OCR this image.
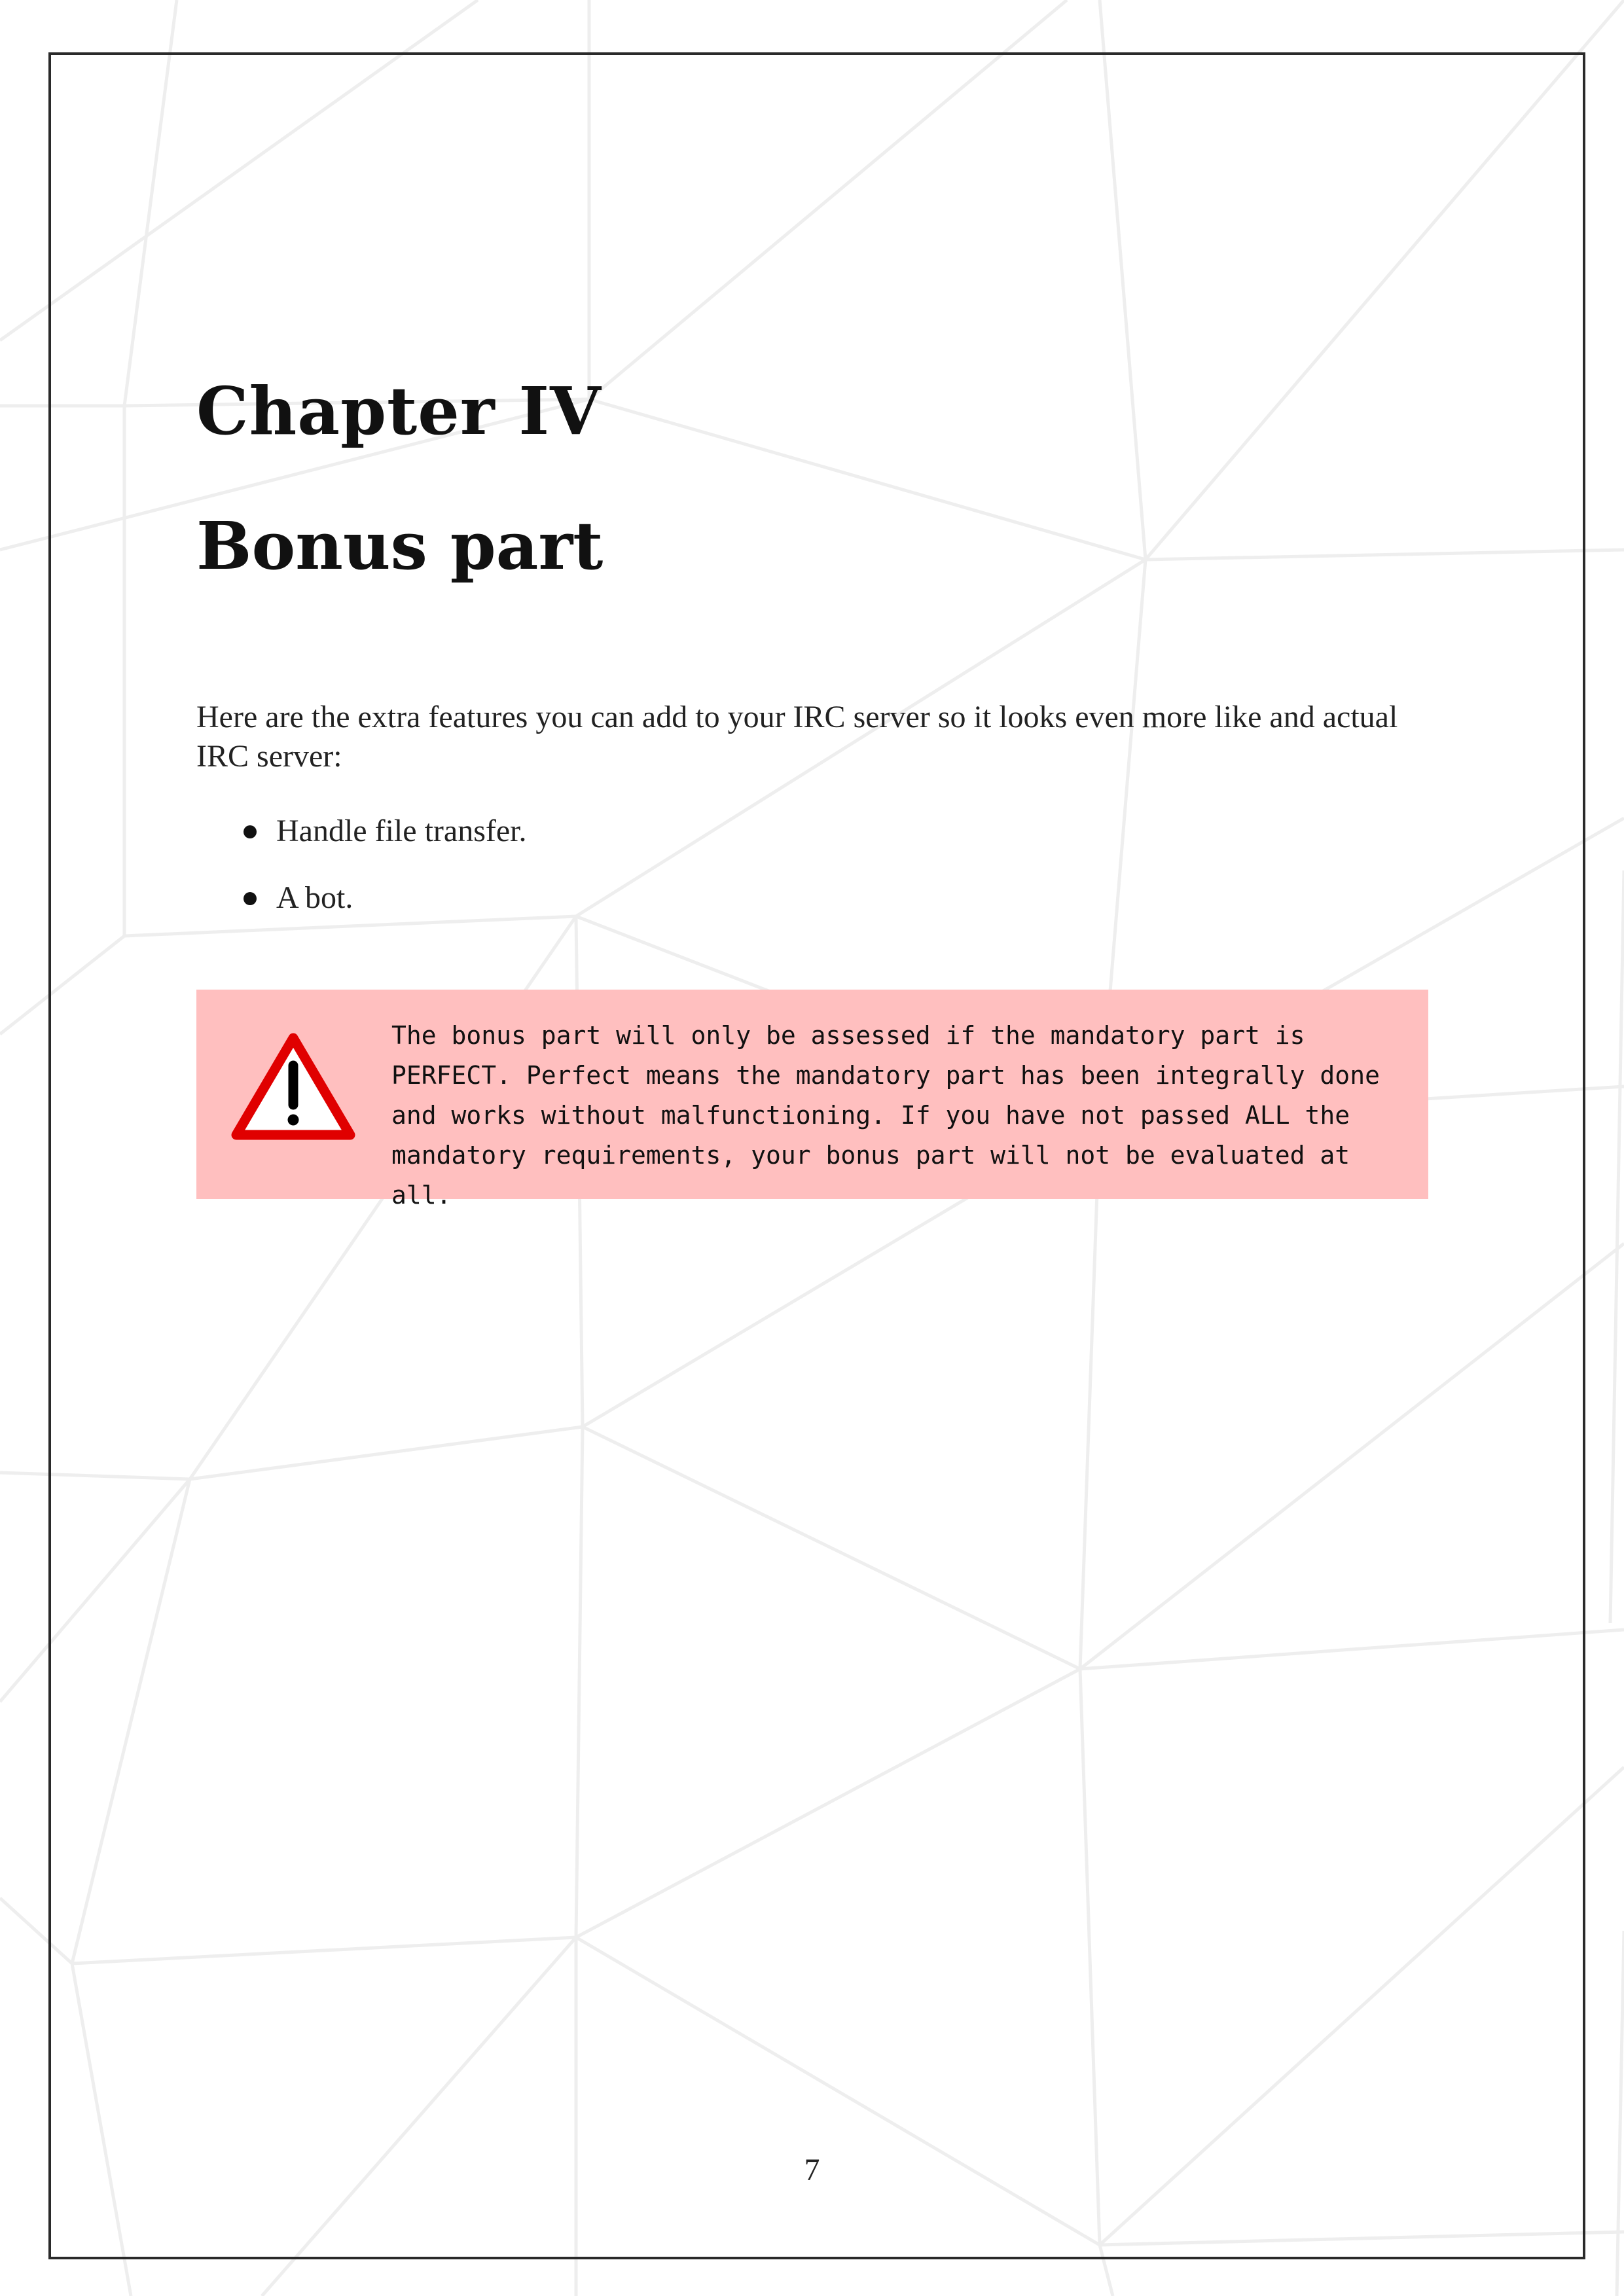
Chapter IV
Bonus part

Here are the extra features you can add to your IRC server so it looks even more like and actual IRC server:

Handle file transfer.
A bot.

The bonus part will only be assessed if the mandatory part is
PERFECT. Perfect means the mandatory part has been integrally done
and works without malfunctioning. If you have not passed ALL the
mandatory requirements, your bonus part will not be evaluated at all.

7
